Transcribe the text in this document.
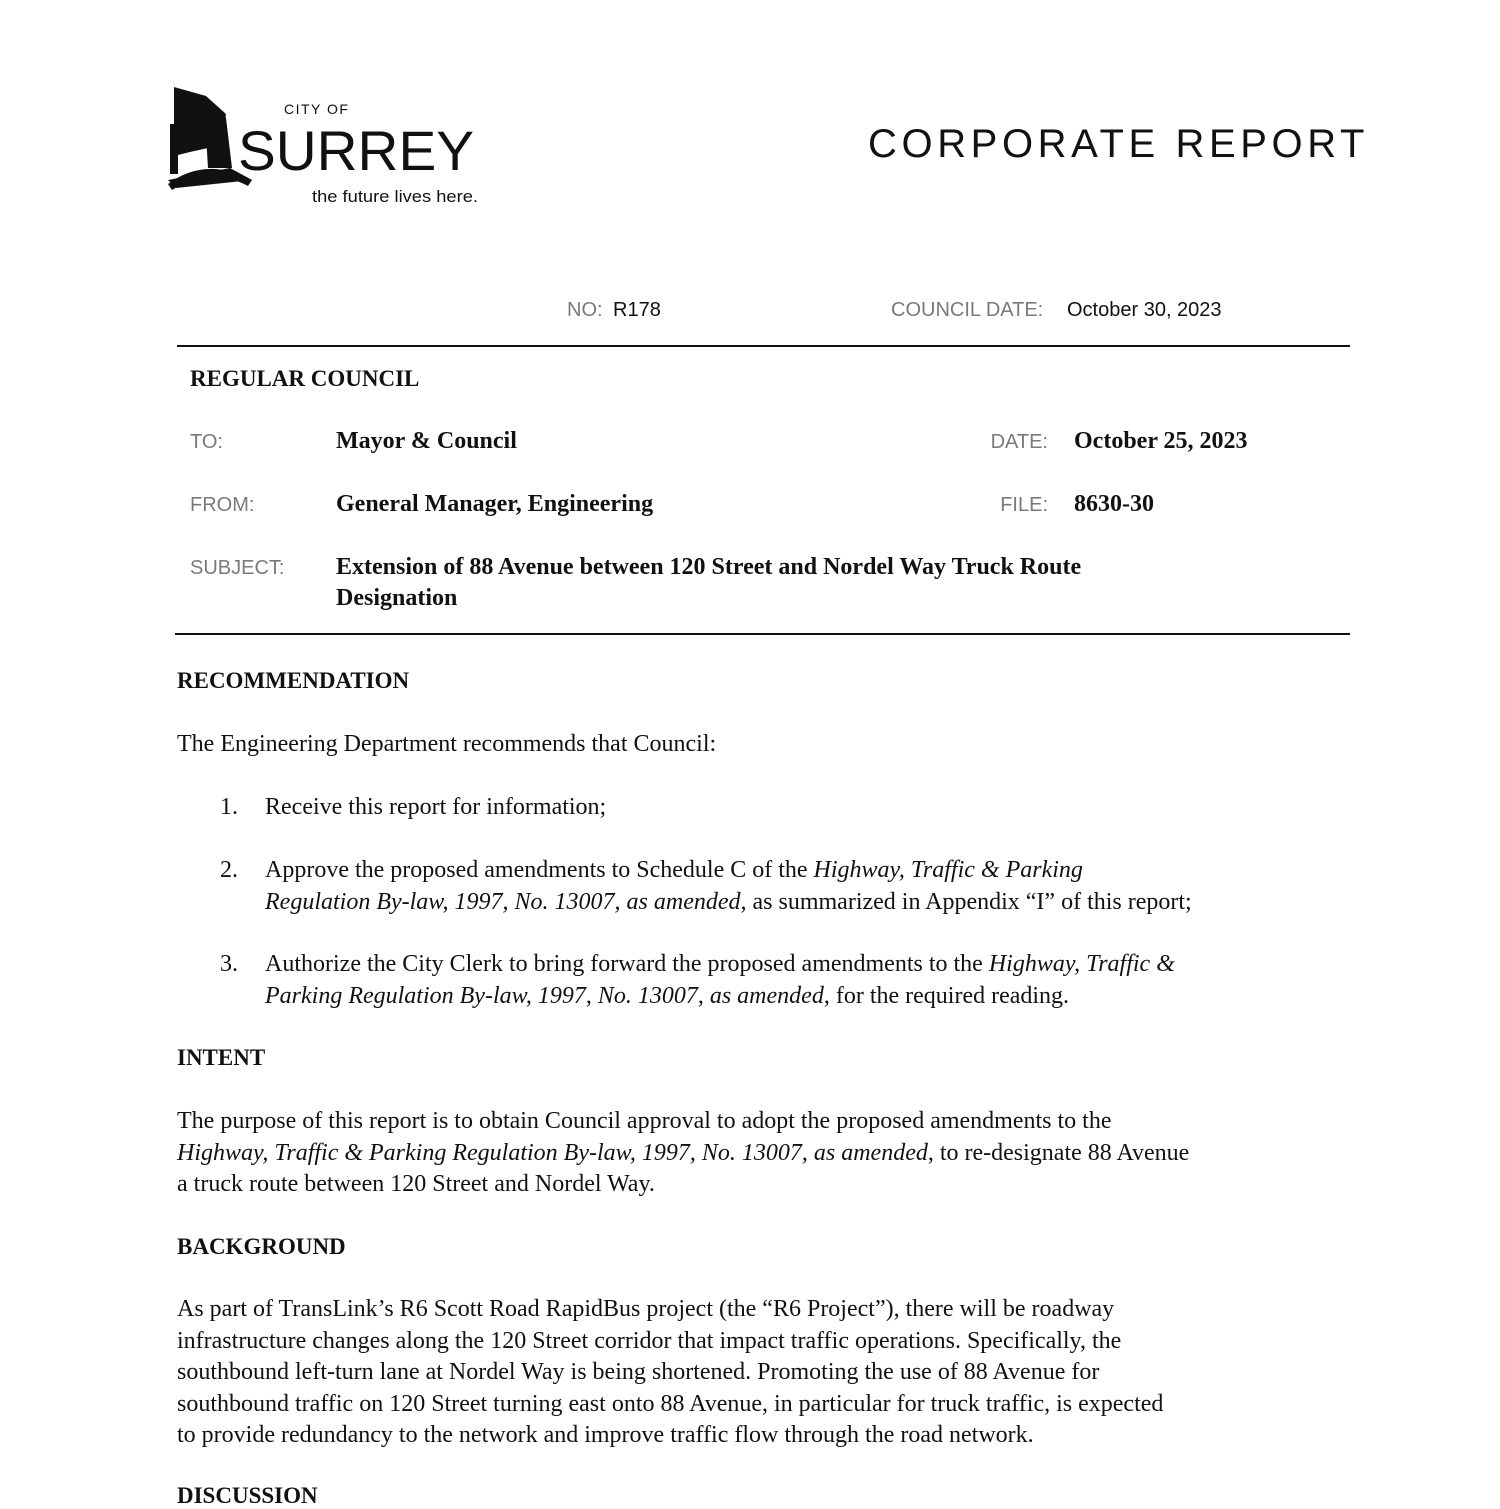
CITY OF
SURREY
the future lives here.
CORPORATE REPORT
NO: R178	COUNCIL DATE: October 30, 2023
REGULAR COUNCIL
TO:	Mayor & Council	DATE: October 25, 2023
FROM:	General Manager, Engineering	FILE: 8630-30
SUBJECT: Extension of 88 Avenue between 120 Street and Nordel Way Truck Route
Designation
RECOMMENDATION
The Engineering Department recommends that Council:
1. Receive this report for information;
2. Approve the proposed amendments to Schedule C of the Highway, Traffic & Parking
Regulation By-law, 1997, No. 13007, as amended, as summarized in Appendix “I” of this report;
3. Authorize the City Clerk to bring forward the proposed amendments to the Highway, Traffic &
Parking Regulation By-law, 1997, No. 13007, as amended, for the required reading.
INTENT
The purpose of this report is to obtain Council approval to adopt the proposed amendments to the
Highway, Traffic & Parking Regulation By-law, 1997, No. 13007, as amended, to re-designate 88 Avenue
a truck route between 120 Street and Nordel Way.
BACKGROUND
As part of TransLink’s R6 Scott Road RapidBus project (the “R6 Project”), there will be roadway
infrastructure changes along the 120 Street corridor that impact traffic operations. Specifically, the
southbound left-turn lane at Nordel Way is being shortened. Promoting the use of 88 Avenue for
southbound traffic on 120 Street turning east onto 88 Avenue, in particular for truck traffic, is expected
to provide redundancy to the network and improve traffic flow through the road network.
DISCUSSION
